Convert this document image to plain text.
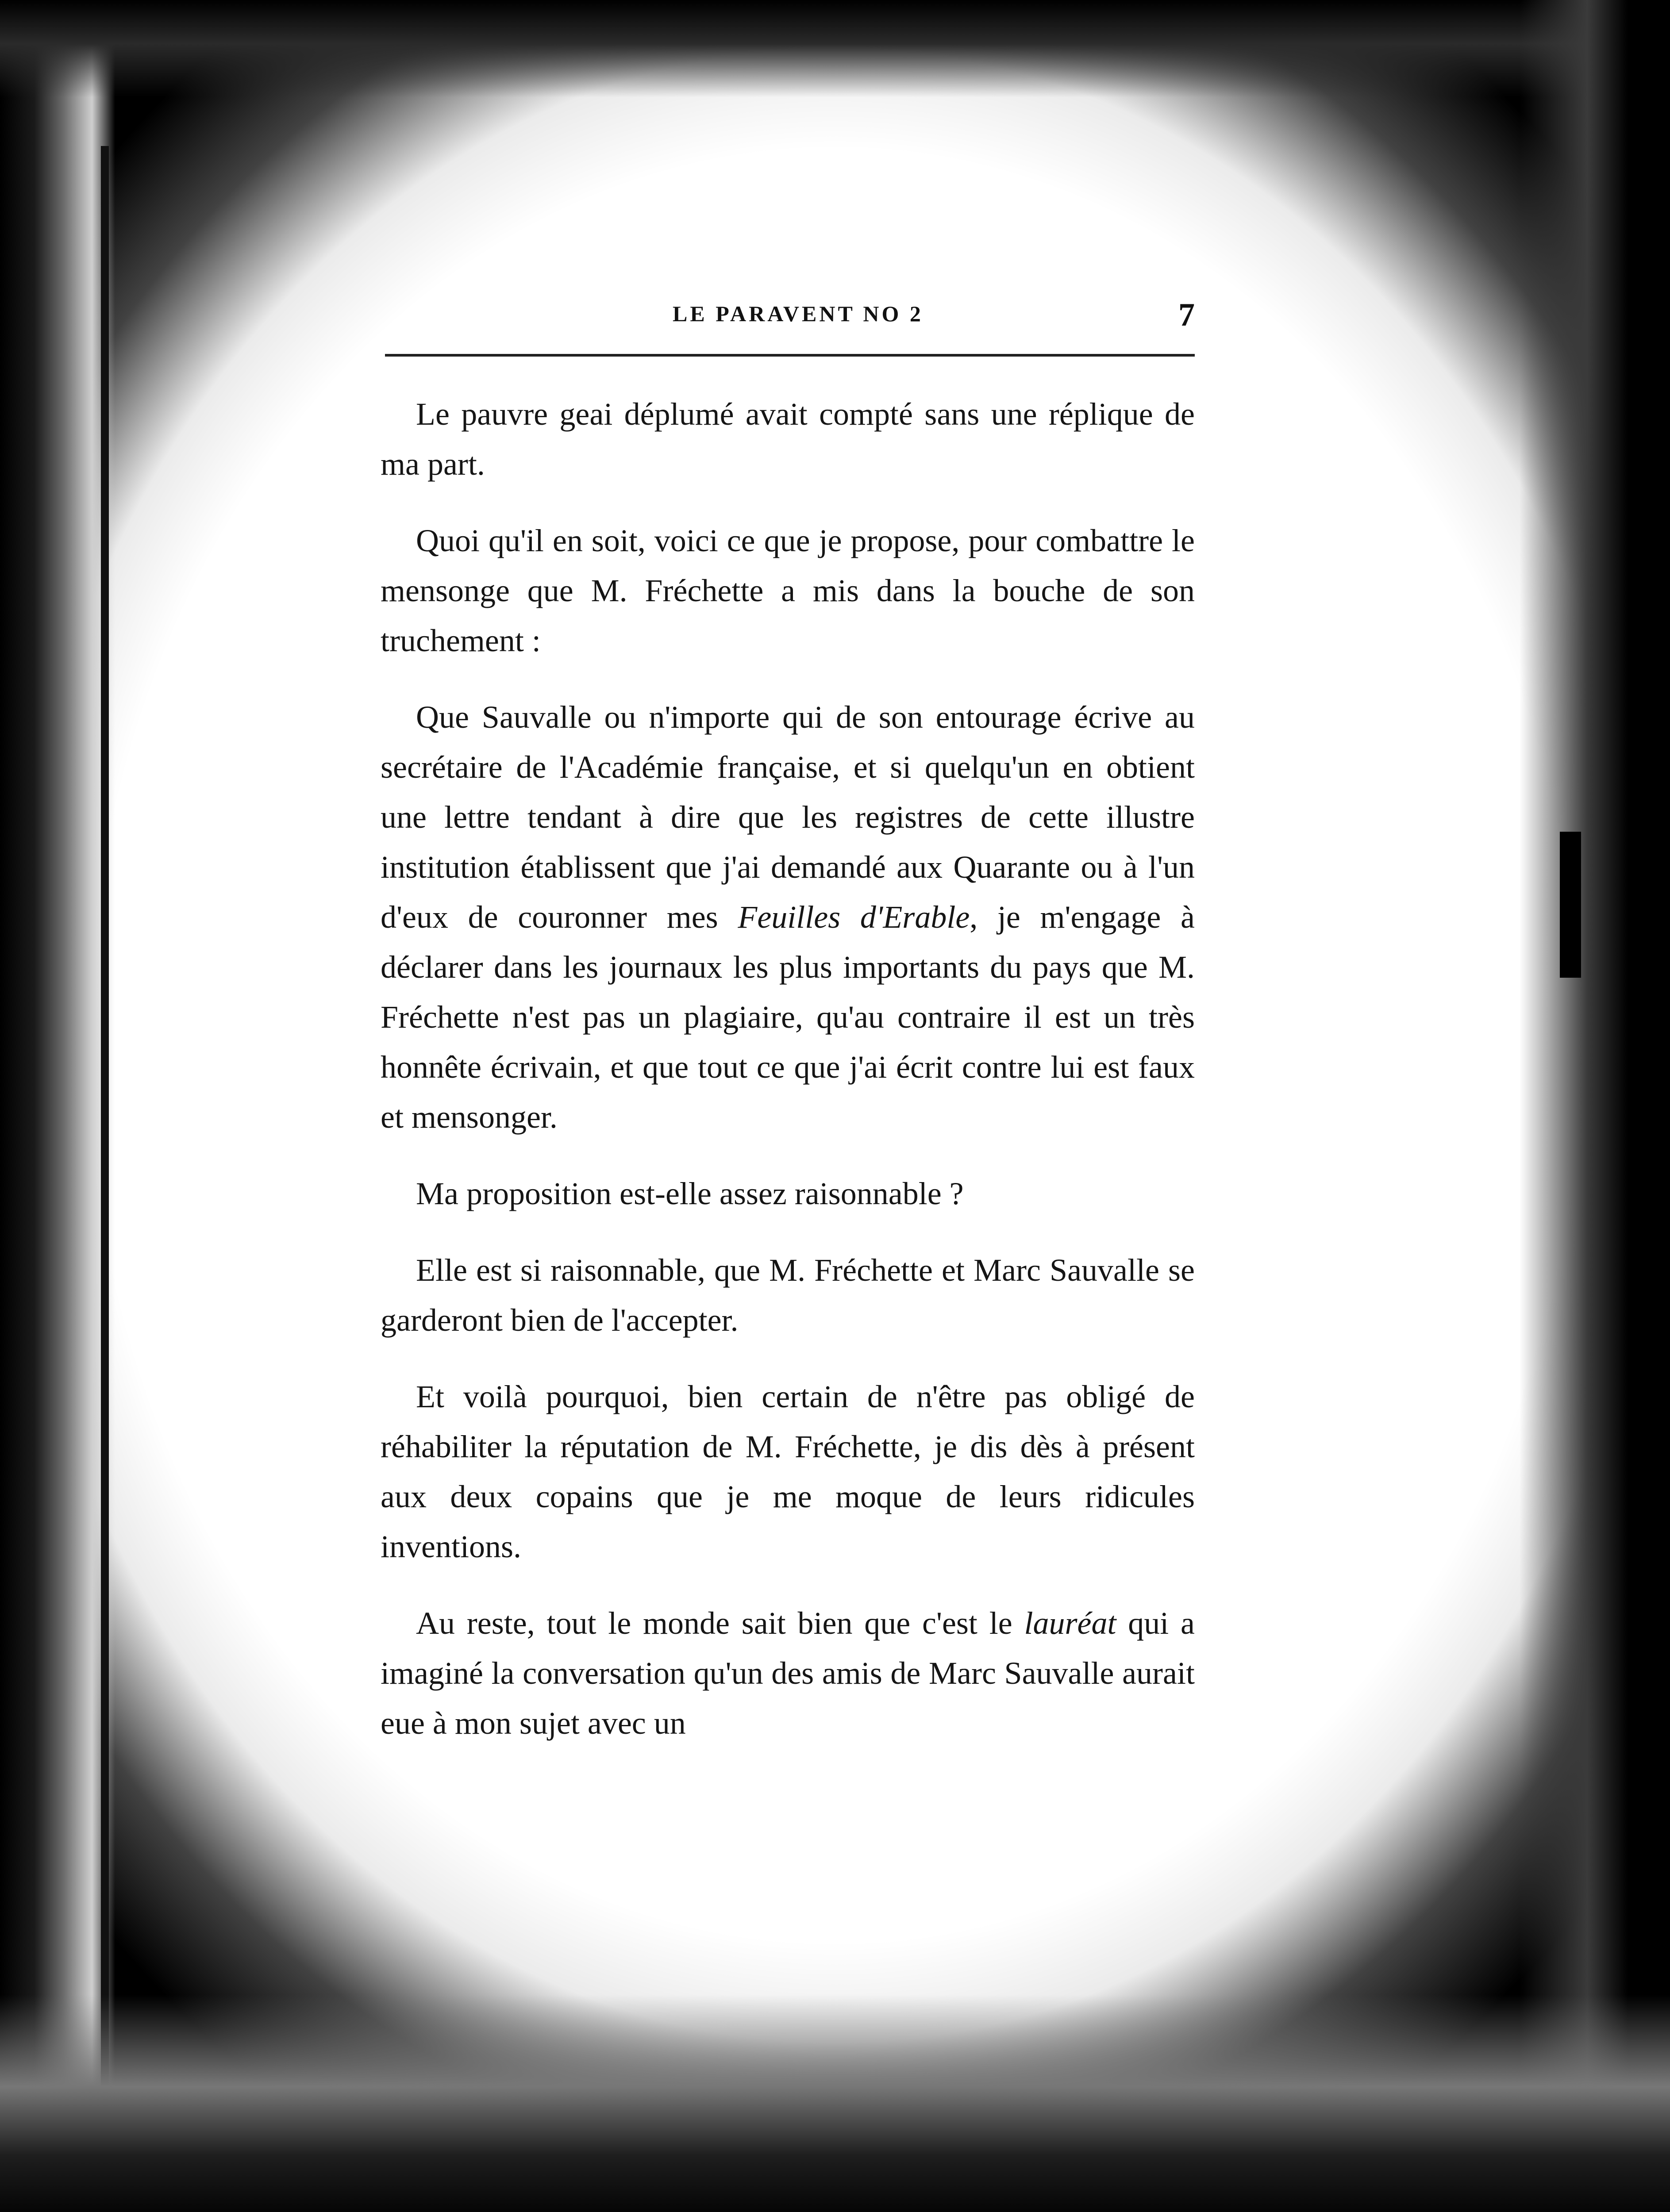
LE PARAVENT NO 2	7

Le pauvre geai déplumé avait compté sans une réplique de ma part.

Quoi qu'il en soit, voici ce que je propose, pour combattre le mensonge que M. Fréchette a mis dans la bouche de son truchement :

Que Sauvalle ou n'importe qui de son entourage écrive au secrétaire de l'Académie française, et si quelqu'un en obtient une lettre tendant à dire que les registres de cette illustre institution établissent que j'ai demandé aux Quarante ou à l'un d'eux de couronner mes Feuilles d'Erable, je m'engage à déclarer dans les journaux les plus importants du pays que M. Fréchette n'est pas un plagiaire, qu'au contraire il est un très honnête écrivain, et que tout ce que j'ai écrit contre lui est faux et mensonger.

Ma proposition est-elle assez raisonnable ?

Elle est si raisonnable, que M. Fréchette et Marc Sauvalle se garderont bien de l'accepter.

Et voilà pourquoi, bien certain de n'être pas obligé de réhabiliter la réputation de M. Fréchette, je dis dès à présent aux deux copains que je me moque de leurs ridicules inventions.

Au reste, tout le monde sait bien que c'est le lauréat qui a imaginé la conversation qu'un des amis de Marc Sauvalle aurait eue à mon sujet avec un
